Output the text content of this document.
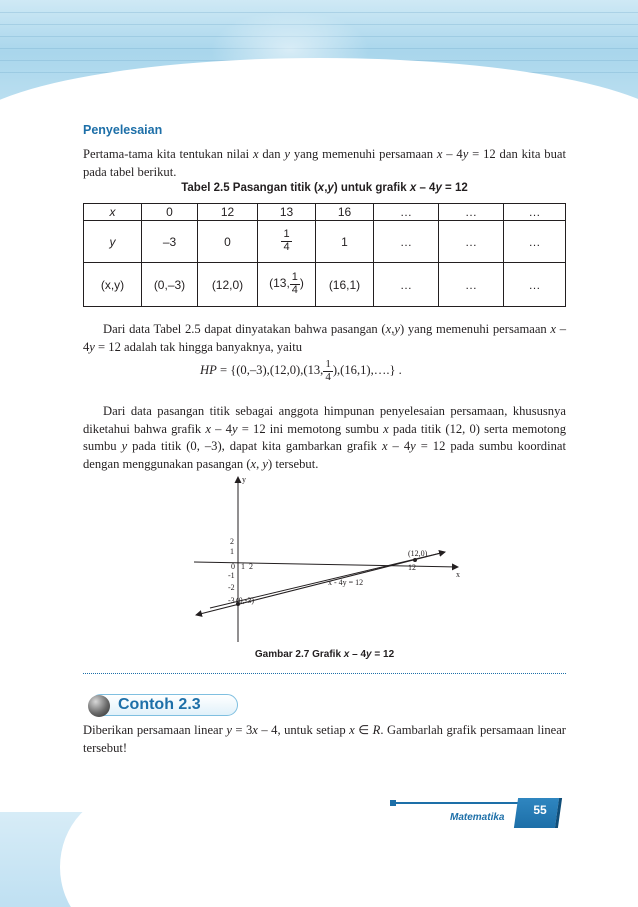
Penyelesaian
Pertama-tama kita tentukan nilai x dan y yang memenuhi persamaan x – 4y = 12 dan kita buat pada tabel berikut.
Tabel 2.5 Pasangan titik (x,y) untuk grafik x – 4y = 12
x	0	12	13	16	…	…	…
y	–3	0	$\frac{1}{4}$	1	…	…	…
(x,y)	(0,–3)	(12,0)	(13, $\frac{1}{4}$ )	(16,1)	…	…	…
Dari data Tabel 2.5 dapat dinyatakan bahwa pasangan (x,y) yang memenuhi persamaan x – 4y = 12 adalah tak hingga banyaknya, yaitu
HP = {(0,–3),(12,0),(13, $\frac{1}{4}$ ),(16,1),….} .
Dari data pasangan titik sebagai anggota himpunan penyelesaian persamaan, khususnya diketahui bahwa grafik x – 4y = 12 ini memotong sumbu x pada titik (12, 0) serta memotong sumbu y pada titik (0, –3), dapat kita gambarkan grafik x – 4y = 12 pada sumbu koordinat dengan menggunakan pasangan (x, y) tersebut.
y
x
2
1
0
-1
-2
-3
1 2	12
(12,0)
(0,-3)
x - 4y = 12
Gambar 2.7 Grafik x – 4y = 12
Contoh 2.3
Diberikan persamaan linear y = 3x – 4, untuk setiap x ∈ R. Gambarlah grafik persamaan linear tersebut!
Matematika
55
